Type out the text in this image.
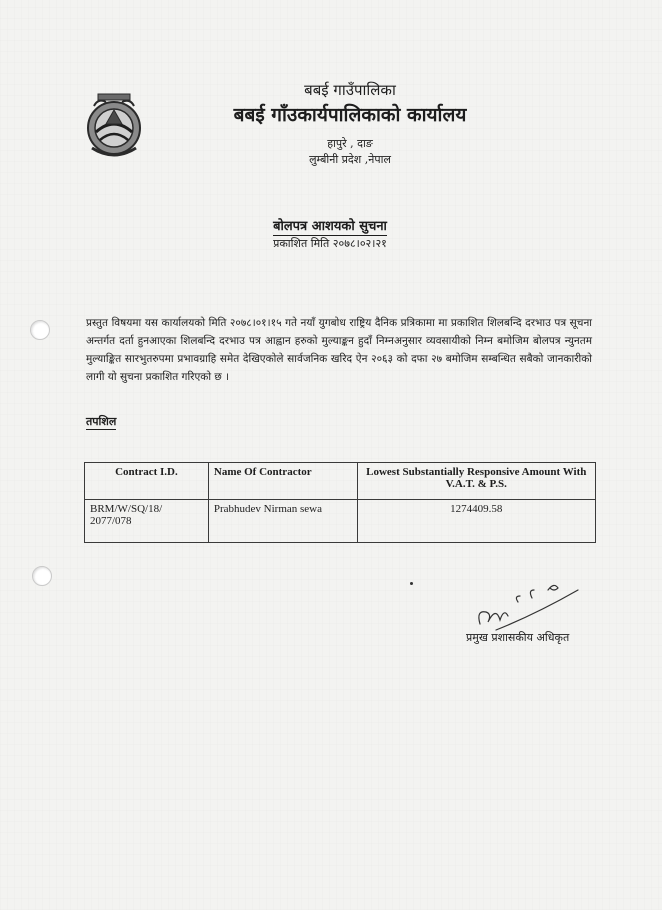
बबई गाउँपालिका
बबई गाँउकार्यपालिकाको कार्यालय
हापुरे , दाङ
लुम्बीनी प्रदेश ,नेपाल
बोलपत्र आशयको सुचना
प्रकाशित मिति २०७८।०२।२१
प्रस्तुत विषयमा यस कार्यालयको मिति २०७८।०१।१५ गते नयाँ युगबोध राष्ट्रिय दैनिक प्रत्रिकामा मा प्रकाशित शिलबन्दि दरभाउ पत्र सूचना अन्तर्गत दर्ता हुनआएका शिलबन्दि दरभाउ पत्र आह्वान हरुको मुल्याङ्कन हुदाँ निम्नअनुसार व्यवसायीको निम्न बमोजिम बोलपत्र न्युनतम मुल्याङ्कित सारभुतरुपमा प्रभावग्राहि समेत देखिएकोले सार्वजनिक खरिद ऐन २०६३ को दफा २७ बमोजिम सम्बन्धित सबैको जानकारीको लागी यो सुचना प्रकाशित गरिएको छ ।
तपशिल
Contract I.D.	Name Of Contractor	Lowest Substantially Responsive Amount With V.A.T. & P.S.
BRM/W/SQ/18/ 2077/078	Prabhudev Nirman sewa	1274409.58
प्रमुख प्रशासकीय अधिकृत
